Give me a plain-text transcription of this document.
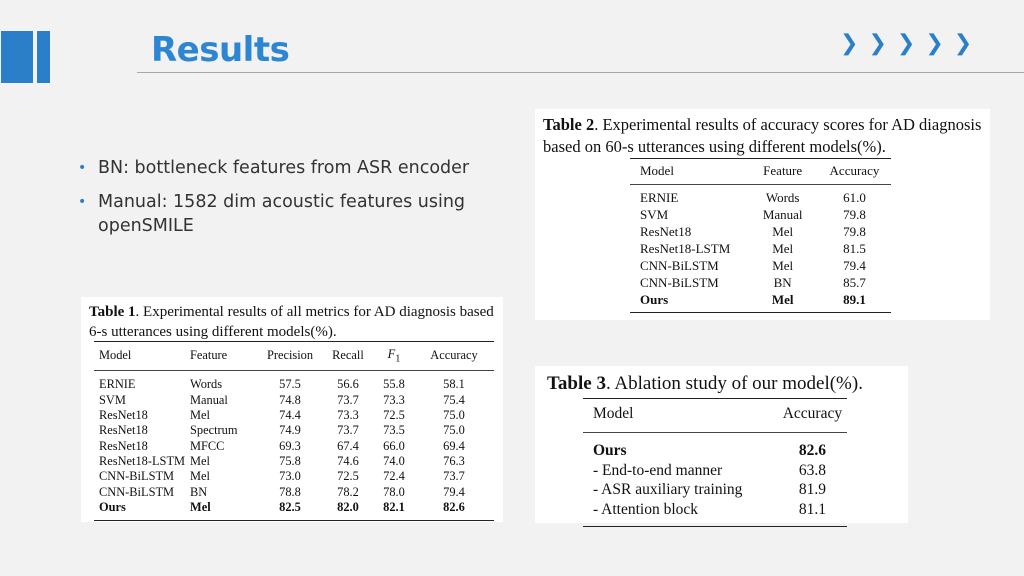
Results	❯ ❯ ❯ ❯ ❯
• BN: bottleneck features from ASR encoder
• Manual: 1582 dim acoustic features using openSMILE
Table 1. Experimental results of all metrics for AD diagnosis based 6-s utterances using different models(%).
Model	Feature	Precision	Recall	$F_1$	Accuracy
ERNIE	Words	57.5	56.6	55.8	58.1
SVM	Manual	74.8	73.7	73.3	75.4
ResNet18	Mel	74.4	73.3	72.5	75.0
ResNet18	Spectrum	74.9	73.7	73.5	75.0
ResNet18	MFCC	69.3	67.4	66.0	69.4
ResNet18-LSTM	Mel	75.8	74.6	74.0	76.3
CNN-BiLSTM	Mel	73.0	72.5	72.4	73.7
CNN-BiLSTM	BN	78.8	78.2	78.0	79.4
Ours	Mel	82.5	82.0	82.1	82.6
Table 2. Experimental results of accuracy scores for AD diagnosis based on 60-s utterances using different models(%).
Model	Feature	Accuracy
ERNIE	Words	61.0
SVM	Manual	79.8
ResNet18	Mel	79.8
ResNet18-LSTM	Mel	81.5
CNN-BiLSTM	Mel	79.4
CNN-BiLSTM	BN	85.7
Ours	Mel	89.1
Table 3. Ablation study of our model(%).
Model	Accuracy
Ours	82.6
- End-to-end manner	63.8
- ASR auxiliary training	81.9
- Attention block	81.1
